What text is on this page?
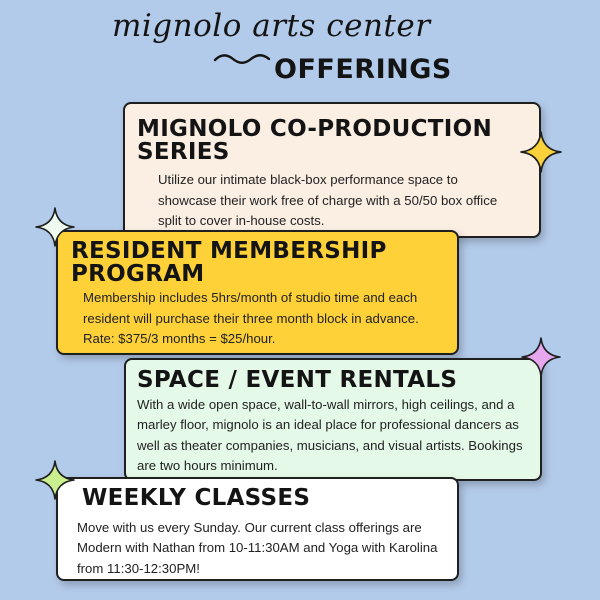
mignolo arts center
OFFERINGS
MIGNOLO CO-PRODUCTION SERIES

Utilize our intimate black-box performance space to showcase their work free of charge with a 50/50 box office split to cover in-house costs.

RESIDENT MEMBERSHIP PROGRAM

Membership includes 5hrs/month of studio time and each resident will purchase their three month block in advance. Rate: $375/3 months = $25/hour.

SPACE / EVENT RENTALS

With a wide open space, wall-to-wall mirrors, high ceilings, and a marley floor, mignolo is an ideal place for professional dancers as well as theater companies, musicians, and visual artists. Bookings are two hours minimum.

WEEKLY CLASSES

Move with us every Sunday. Our current class offerings are Modern with Nathan from 10-11:30AM and Yoga with Karolina from 11:30-12:30PM!
